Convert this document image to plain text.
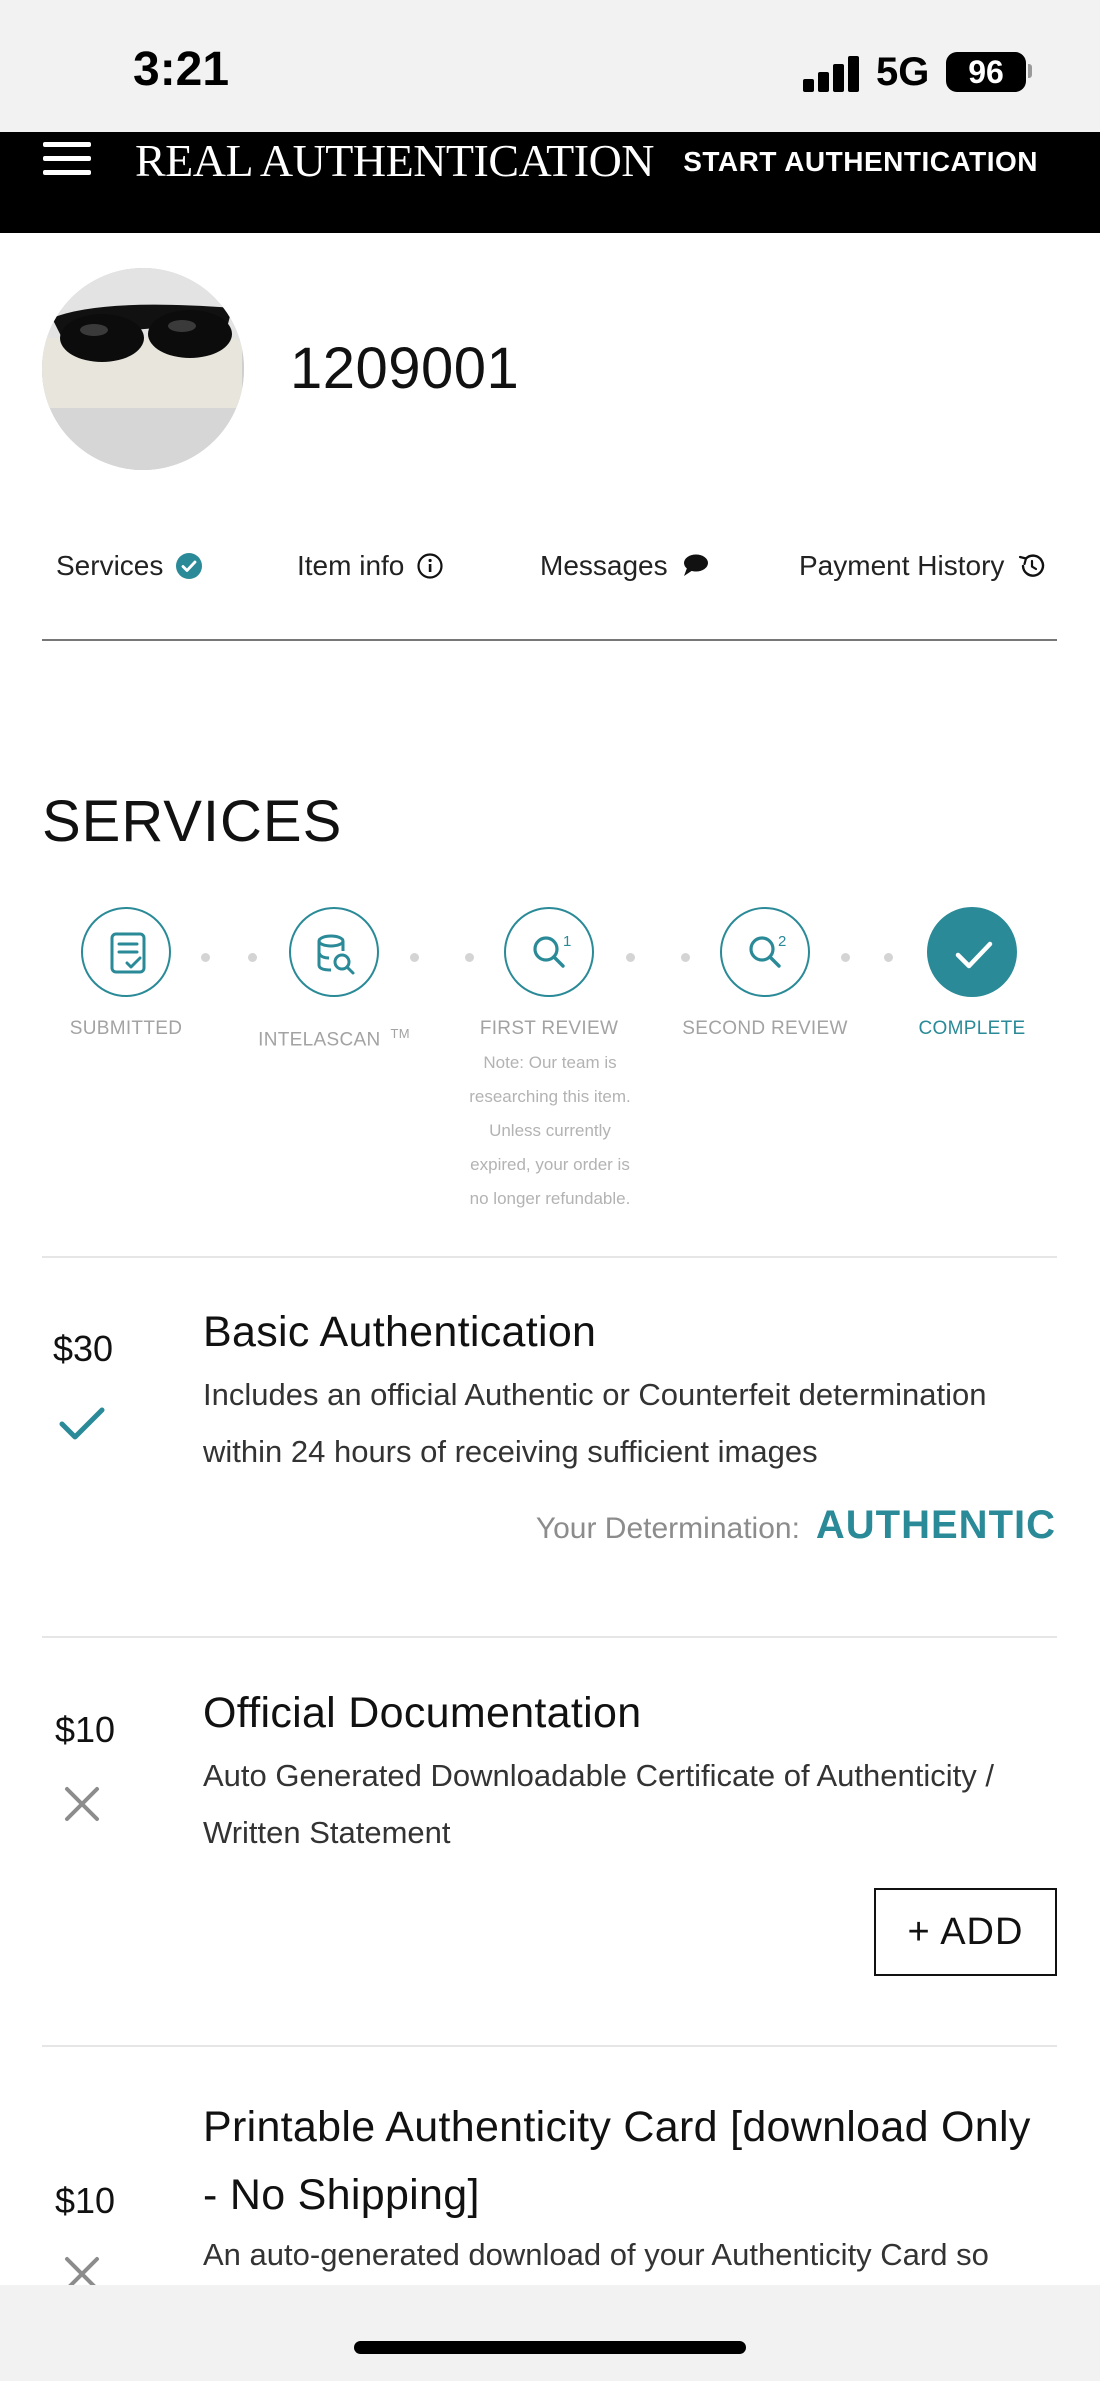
3:21	5G	96
REAL AUTHENTICATION START AUTHENTICATION
1209001
Services	Item info	Messages	Payment History
SERVICES
SUBMITTED
INTELASCAN ™
1
FIRST REVIEW
Note: Our team is researching this item. Unless currently expired, your order is no longer refundable.
2
SECOND REVIEW	COMPLETE
$30 Basic Authentication
Includes an official Authentic or Counterfeit determination within 24 hours of receiving sufficient images
Your Determination: AUTHENTIC
$10 Official Documentation
Auto Generated Downloadable Certificate of Authenticity / Written Statement
+ ADD
$10
Printable Authenticity Card [download Only - No Shipping]
An auto-generated download of your Authenticity Card so
